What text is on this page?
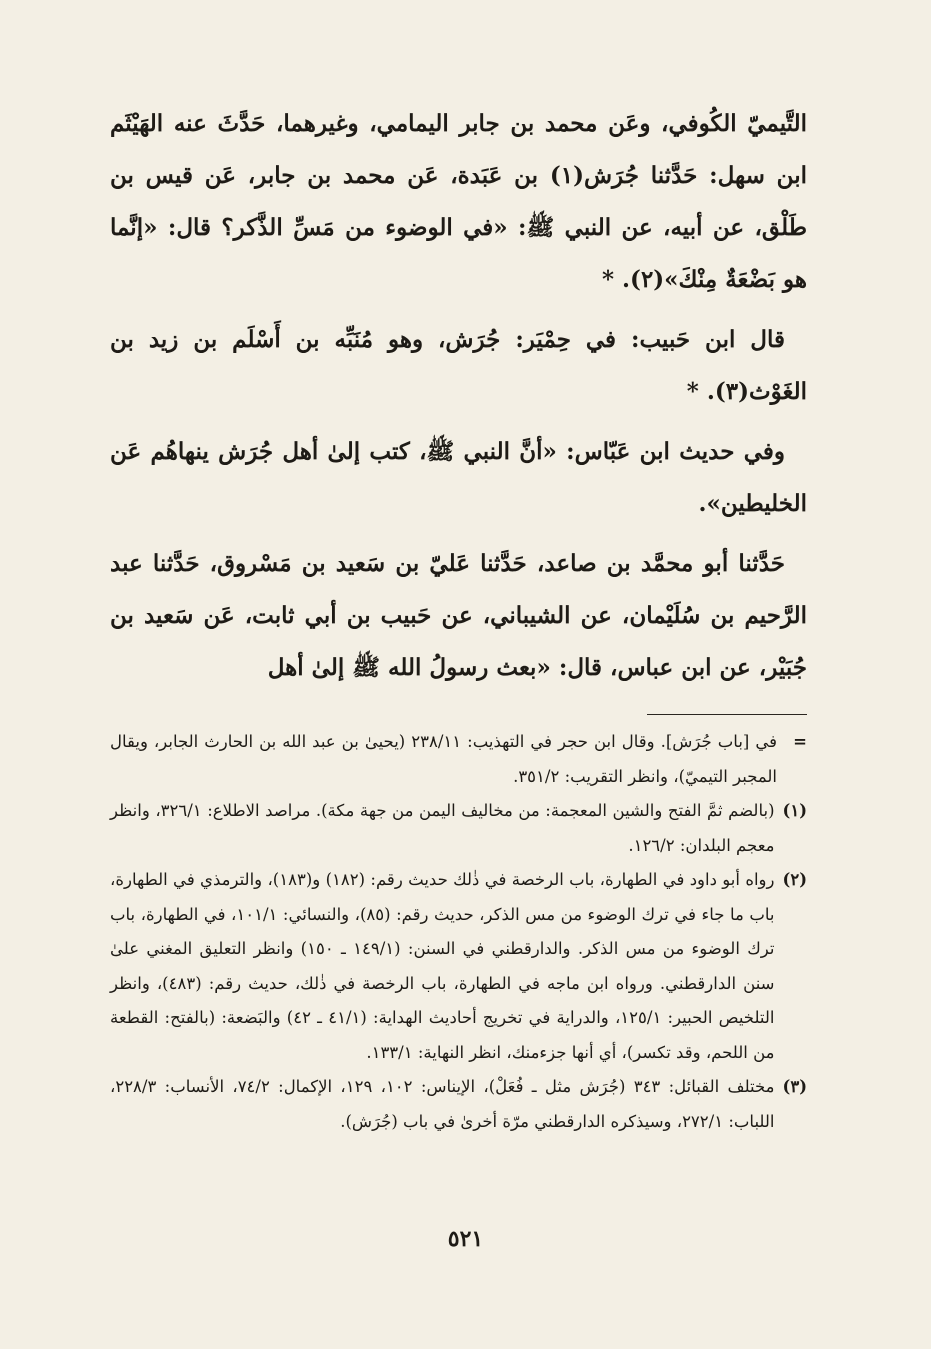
التَّيميّ الكُوفي، وعَن محمد بن جابر اليمامي، وغيرهما، حَدَّثَ عنه الهَيْثَم ابن سهل: حَدَّثنا جُرَش(١) بن عَبَدة، عَن محمد بن جابر، عَن قيس بن طَلْق، عن أبيه، عن النبي ﷺ: «في الوضوء من مَسِّ الذَّكر؟ قال: «إنَّما هو بَضْعَةٌ مِنْكَ»(٢). *

قال ابن حَبيب: في حِمْيَر: جُرَش، وهو مُنَبِّه بن أَسْلَم بن زيد بن الغَوْث(٣). *

وفي حديث ابن عَبّاس: «أنَّ النبي ﷺ، كتب إلىٰ أهل جُرَش ينهاهُم عَن الخليطين».

حَدَّثنا أبو محمَّد بن صاعد، حَدَّثنا عَليّ بن سَعيد بن مَسْروق، حَدَّثنا عبد الرَّحيم بن سُلَيْمان، عن الشيباني، عن حَبيب بن أبي ثابت، عَن سَعيد بن جُبَيْر، عن ابن عباس، قال: «بعث رسولُ الله ﷺ إلىٰ أهل

=
في [باب جُرَش]. وقال ابن حجر في التهذيب: ٢٣٨/١١ (يحيىٰ بن عبد الله بن الحارث الجابر، ويقال المجبر التيميّ)، وانظر التقريب: ٣٥١/٢.
(١)
(بالضم ثمَّ الفتح والشين المعجمة: من مخاليف اليمن من جهة مكة). مراصد الاطلاع: ٣٢٦/١، وانظر معجم البلدان: ١٢٦/٢.
(٢)
رواه أبو داود في الطهارة، باب الرخصة في ذٰلك حديث رقم: (١٨٢) و(١٨٣)، والترمذي في الطهارة، باب ما جاء في ترك الوضوء من مس الذكر، حديث رقم: (٨٥)، والنسائي: ١٠١/١، في الطهارة، باب ترك الوضوء من مس الذكر. والدارقطني في السنن: (١٤٩/١ ـ ١٥٠) وانظر التعليق المغني علىٰ سنن الدارقطني. ورواه ابن ماجه في الطهارة، باب الرخصة في ذٰلك، حديث رقم: (٤٨٣)، وانظر التلخيص الحبير: ١٢٥/١، والدراية في تخريج أحاديث الهداية: (٤١/١ ـ ٤٢) والبَضعة: (بالفتح: القطعة من اللحم، وقد تكسر)، أي أنها جزءمنك، انظر النهاية: ١٣٣/١.
(٣)
مختلف القبائل: ٣٤٣ (جُرَش مثل ـ فُعَلْ)، الإيناس: ١٠٢، ١٢٩، الإكمال: ٧٤/٢، الأنساب: ٢٢٨/٣، اللباب: ٢٧٢/١، وسيذكره الدارقطني مرّة أخرىٰ في باب (جُرَش).
٥٢١
